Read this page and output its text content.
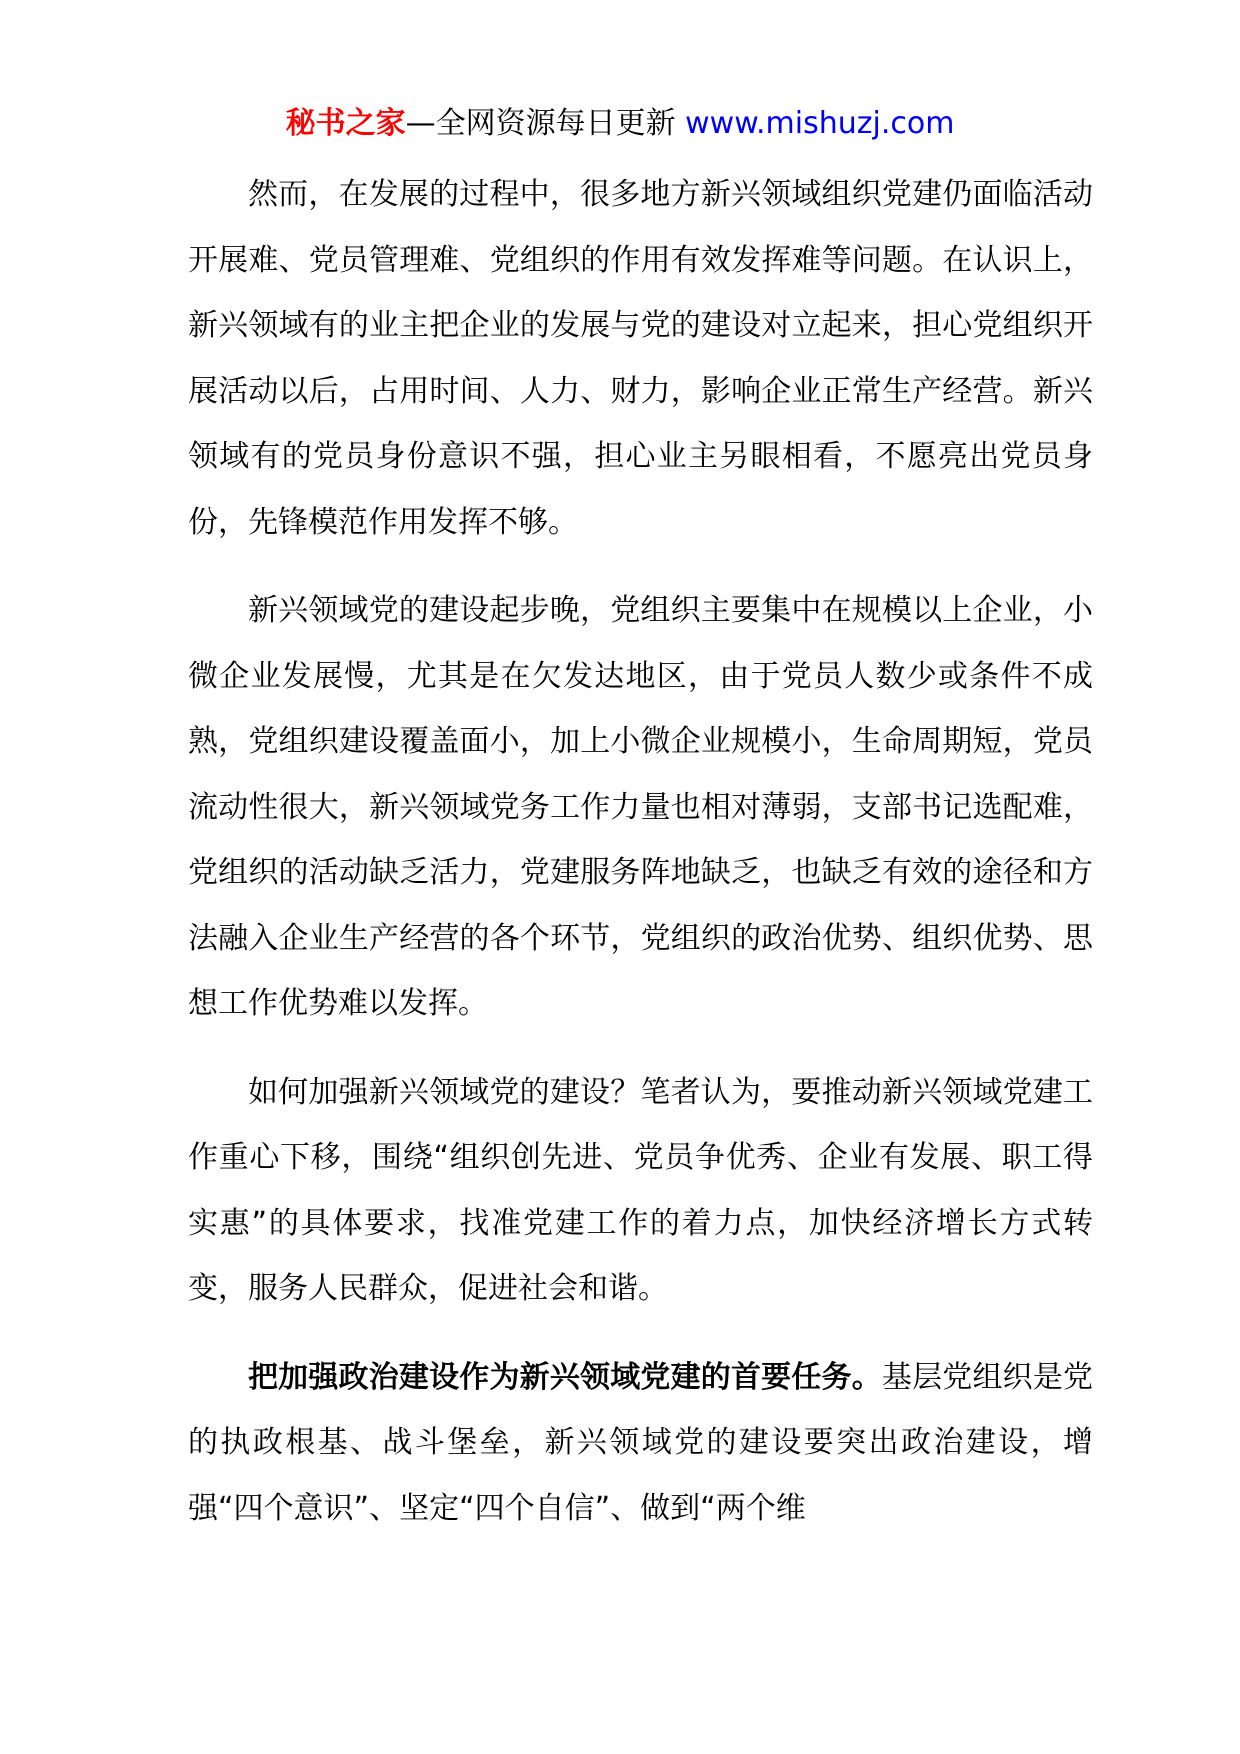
秘书之家—全网资源每日更新 www.mishuzj.com

然而，在发展的过程中，很多地方新兴领域组织党建仍面临活动开展难、党员管理难、党组织的作用有效发挥难等问题。在认识上，新兴领域有的业主把企业的发展与党的建设对立起来，担心党组织开展活动以后，占用时间、人力、财力，影响企业正常生产经营。新兴领域有的党员身份意识不强，担心业主另眼相看，不愿亮出党员身份，先锋模范作用发挥不够。

新兴领域党的建设起步晚，党组织主要集中在规模以上企业，小微企业发展慢，尤其是在欠发达地区，由于党员人数少或条件不成熟，党组织建设覆盖面小，加上小微企业规模小，生命周期短，党员流动性很大，新兴领域党务工作力量也相对薄弱，支部书记选配难，党组织的活动缺乏活力，党建服务阵地缺乏，也缺乏有效的途径和方法融入企业生产经营的各个环节，党组织的政治优势、组织优势、思想工作优势难以发挥。

如何加强新兴领域党的建设？笔者认为，要推动新兴领域党建工作重心下移，围绕“组织创先进、党员争优秀、企业有发展、职工得实惠”的具体要求，找准党建工作的着力点，加快经济增长方式转变，服务人民群众，促进社会和谐。

把加强政治建设作为新兴领域党建的首要任务。基层党组织是党的执政根基、战斗堡垒，新兴领域党的建设要突出政治建设，增强“四个意识”、坚定“四个自信”、做到“两个维
